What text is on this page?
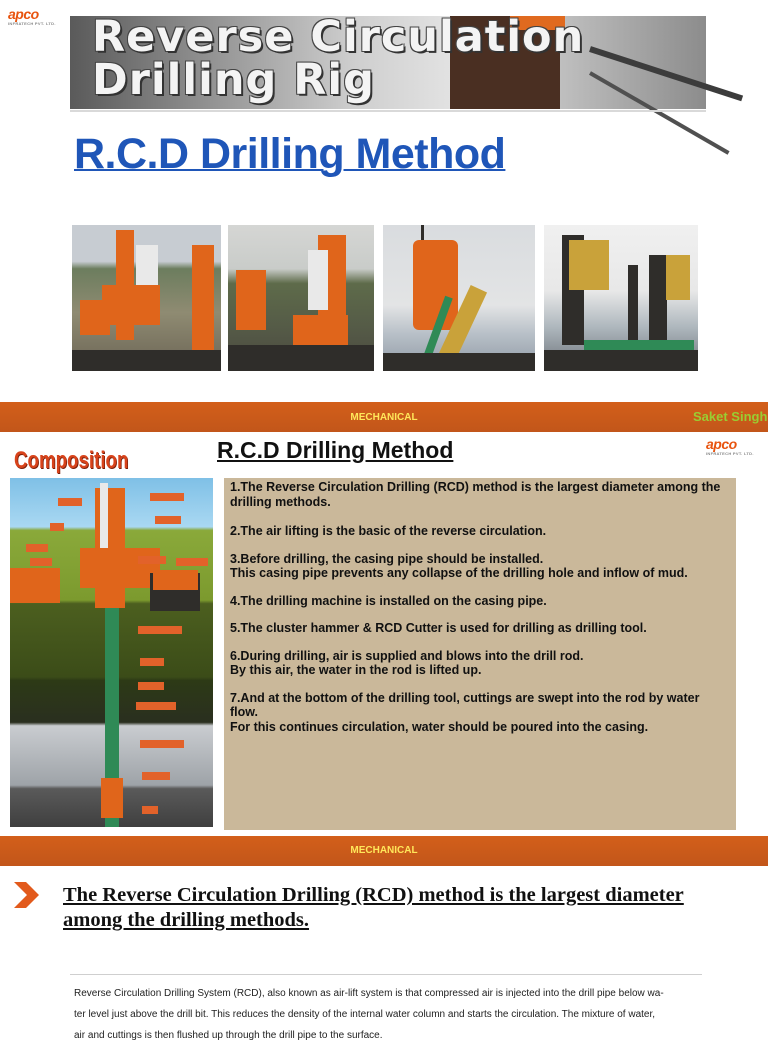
apco
INFRATECH PVT. LTD. Reverse Circulation
Drilling Rig
R.C.D Drilling Method
MECHANICAL	Saket Singh
Composition	R.C.D Drilling Method	apco
INFRATECH PVT. LTD.
1.The Reverse Circulation Drilling (RCD) method is the largest diameter among the
drilling methods.
2.The air lifting is the basic of the reverse circulation.
3.Before drilling, the casing pipe should be installed.
This casing pipe prevents any collapse of the drilling hole and inflow of mud.
4.The drilling machine is installed on the casing pipe.
5.The cluster hammer & RCD Cutter is used for drilling as drilling tool.
6.During drilling, air is supplied and blows into the drill rod.
By this air, the water in the rod is lifted up.
7.And at the bottom of the drilling tool, cuttings are swept into the rod by water
flow.
For this continues circulation, water should be poured into the casing.
MECHANICAL
The Reverse Circulation Drilling (RCD) method is the largest diameter
among the drilling methods.
Reverse Circulation Drilling System (RCD), also known as air-lift system is that compressed air is injected into the drill pipe below wa-
ter level just above the drill bit. This reduces the density of the internal water column and starts the circulation. The mixture of water,
air and cuttings is then flushed up through the drill pipe to the surface.
